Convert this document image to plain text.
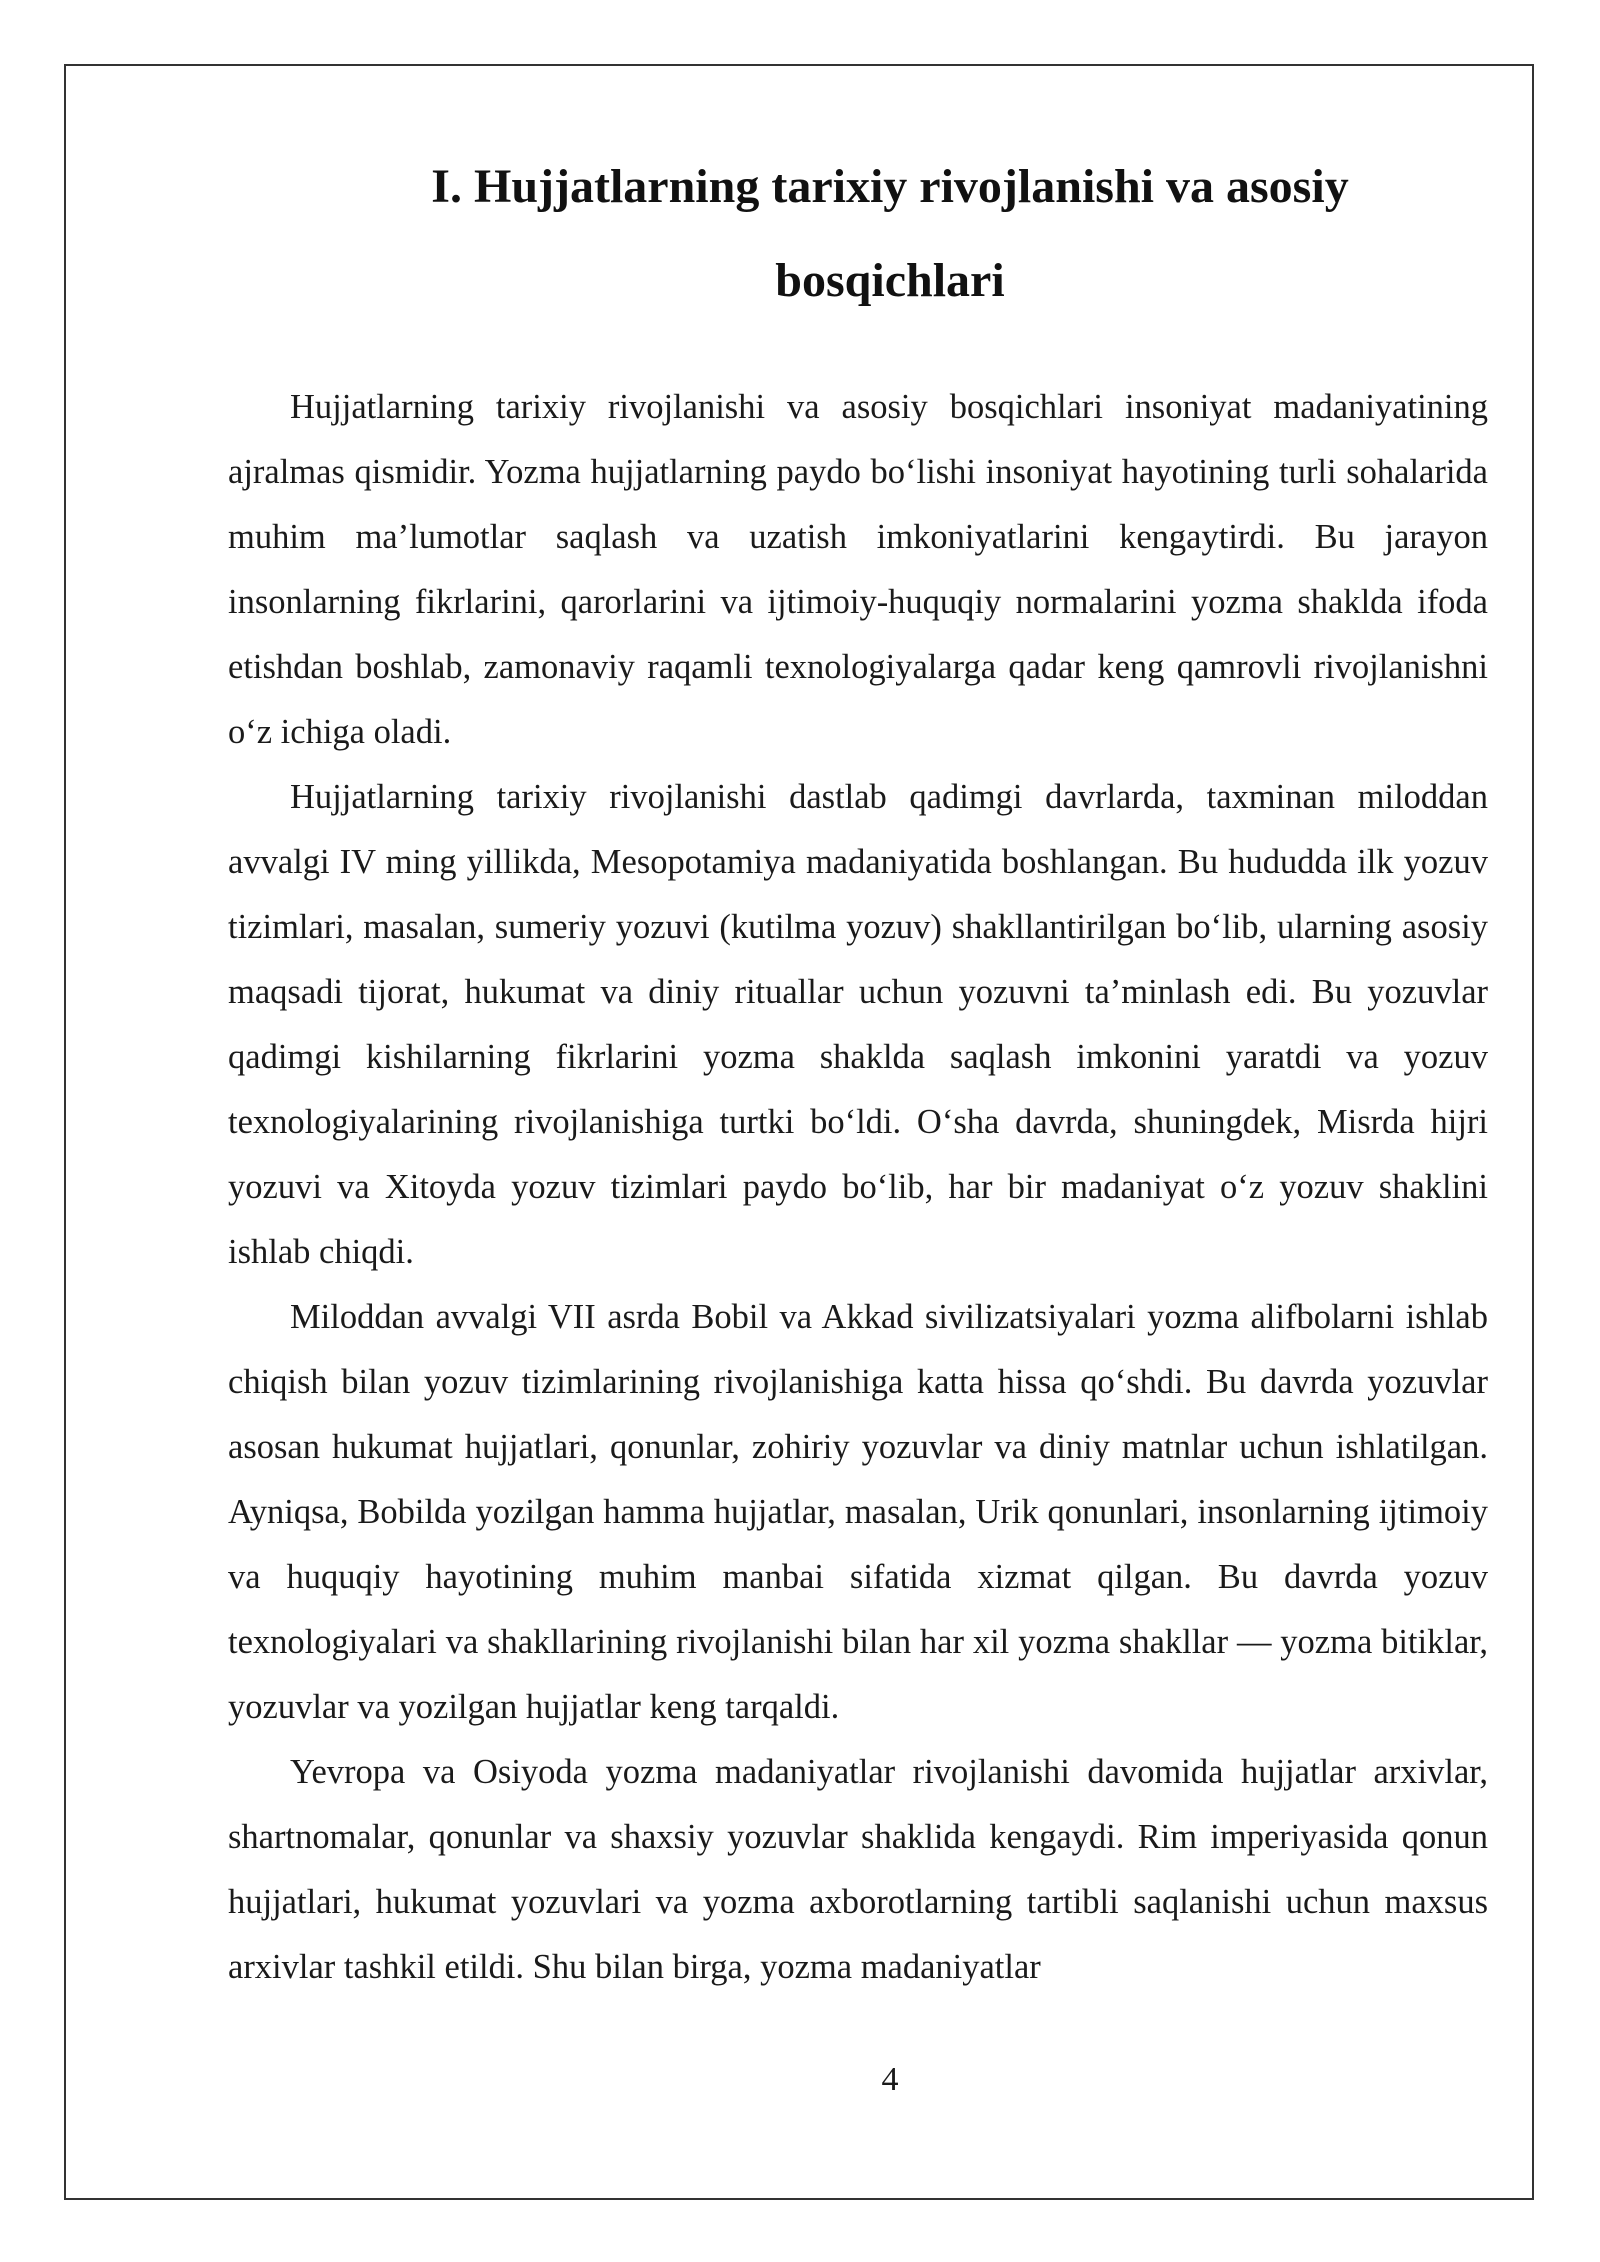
I. Hujjatlarning tarixiy rivojlanishi va asosiy bosqichlari

Hujjatlarning tarixiy rivojlanishi va asosiy bosqichlari insoniyat madaniyatining ajralmas qismidir. Yozma hujjatlarning paydo bo‘lishi insoniyat hayotining turli sohalarida muhim ma’lumotlar saqlash va uzatish imkoniyatlarini kengaytirdi. Bu jarayon insonlarning fikrlarini, qarorlarini va ijtimoiy-huquqiy normalarini yozma shaklda ifoda etishdan boshlab, zamonaviy raqamli texnologiyalarga qadar keng qamrovli rivojlanishni o‘z ichiga oladi.

Hujjatlarning tarixiy rivojlanishi dastlab qadimgi davrlarda, taxminan miloddan avvalgi IV ming yillikda, Mesopotamiya madaniyatida boshlangan. Bu hududda ilk yozuv tizimlari, masalan, sumeriy yozuvi (kutilma yozuv) shakllantirilgan bo‘lib, ularning asosiy maqsadi tijorat, hukumat va diniy rituallar uchun yozuvni ta’minlash edi. Bu yozuvlar qadimgi kishilarning fikrlarini yozma shaklda saqlash imkonini yaratdi va yozuv texnologiyalarining rivojlanishiga turtki bo‘ldi. O‘sha davrda, shuningdek, Misrda hijri yozuvi va Xitoyda yozuv tizimlari paydo bo‘lib, har bir madaniyat o‘z yozuv shaklini ishlab chiqdi.

Miloddan avvalgi VII asrda Bobil va Akkad sivilizatsiyalari yozma alifbolarni ishlab chiqish bilan yozuv tizimlarining rivojlanishiga katta hissa qo‘shdi. Bu davrda yozuvlar asosan hukumat hujjatlari, qonunlar, zohiriy yozuvlar va diniy matnlar uchun ishlatilgan. Ayniqsa, Bobilda yozilgan hamma hujjatlar, masalan, Urik qonunlari, insonlarning ijtimoiy va huquqiy hayotining muhim manbai sifatida xizmat qilgan. Bu davrda yozuv texnologiyalari va shakllarining rivojlanishi bilan har xil yozma shakllar — yozma bitiklar, yozuvlar va yozilgan hujjatlar keng tarqaldi.

Yevropa va Osiyoda yozma madaniyatlar rivojlanishi davomida hujjatlar arxivlar, shartnomalar, qonunlar va shaxsiy yozuvlar shaklida kengaydi. Rim imperiyasida qonun hujjatlari, hukumat yozuvlari va yozma axborotlarning tartibli saqlanishi uchun maxsus arxivlar tashkil etildi. Shu bilan birga, yozma madaniyatlar

4
